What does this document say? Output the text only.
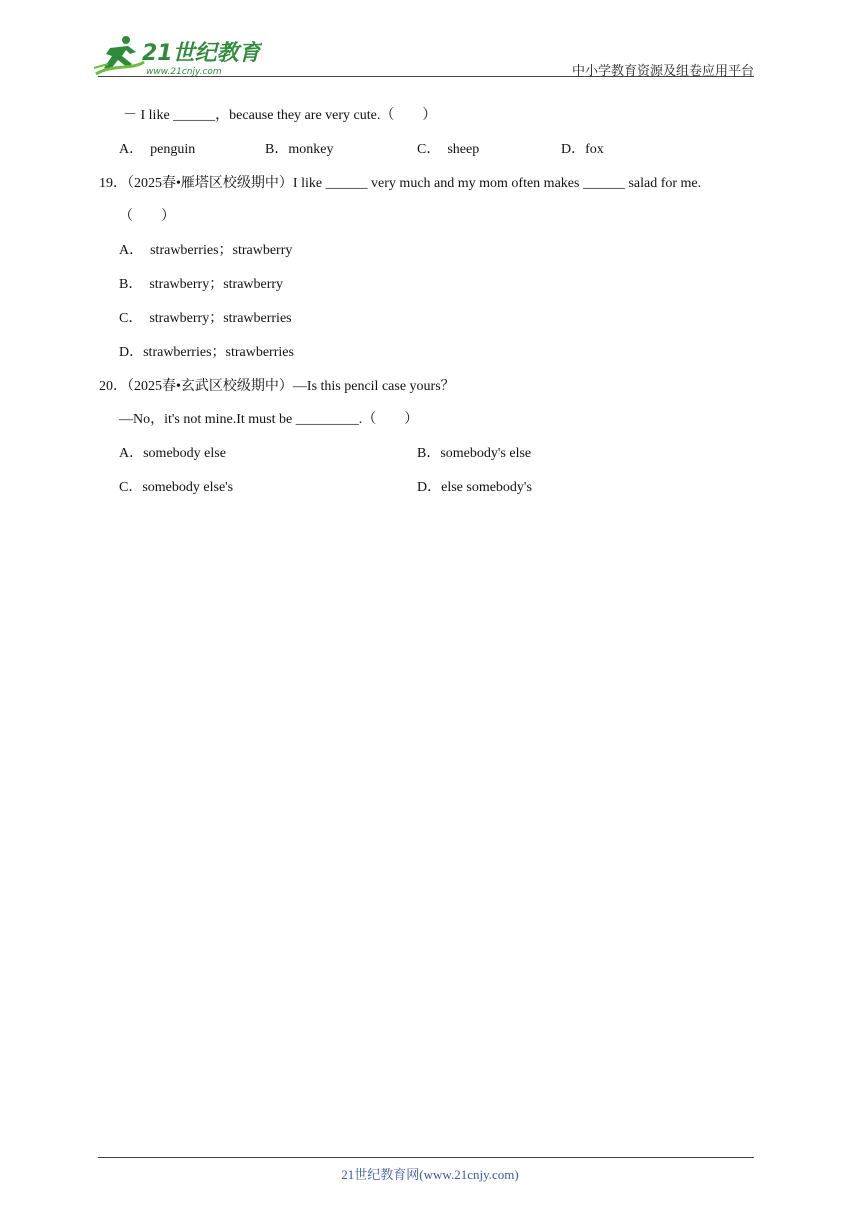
21世纪教育
www.21cnjy.com	中小学教育资源及组卷应用平台
－ I like ______，because they are very cute.（　　）
A．　penguin	B．monkey	C．　sheep	D．fox
19．（2025春•雁塔区校级期中）I like ______ very much and my mom often makes ______ salad for me.
（　　）
A．　strawberries；strawberry
B．　strawberry；strawberry
C．　strawberry；strawberries
D．strawberries；strawberries
20．（2025春•玄武区校级期中）—Is this pencil case yours？
—No，it's not mine.It must be _________.（　　）
A．somebody else	B．somebody's else
C．somebody else's	D．else somebody's
21世纪教育网(www.21cnjy.com)
